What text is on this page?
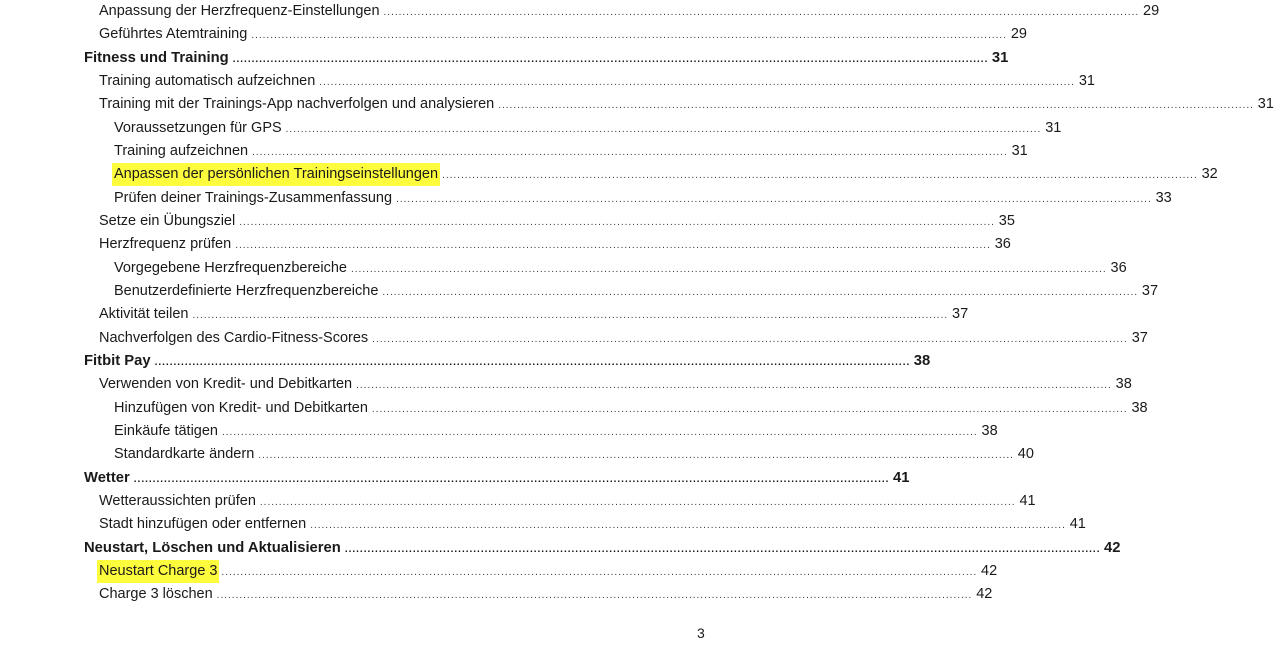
Anpassung der Herzfrequenz-Einstellungen ........................................................................................................................................................................................................ 29
Geführtes Atemtraining ........................................................................................................................................................................................................ 29
Fitness und Training ........................................................................................................................................................................................................ 31
Training automatisch aufzeichnen ........................................................................................................................................................................................................ 31
Training mit der Trainings-App nachverfolgen und analysieren ........................................................................................................................................................................................................ 31
Voraussetzungen für GPS ........................................................................................................................................................................................................ 31
Training aufzeichnen ........................................................................................................................................................................................................ 31
Anpassen der persönlichen Trainingseinstellungen ........................................................................................................................................................................................................ 32
Prüfen deiner Trainings-Zusammenfassung ........................................................................................................................................................................................................ 33
Setze ein Übungsziel ........................................................................................................................................................................................................ 35
Herzfrequenz prüfen ........................................................................................................................................................................................................ 36
Vorgegebene Herzfrequenzbereiche ........................................................................................................................................................................................................ 36
Benutzerdefinierte Herzfrequenzbereiche ........................................................................................................................................................................................................ 37
Aktivität teilen ........................................................................................................................................................................................................ 37
Nachverfolgen des Cardio-Fitness-Scores ........................................................................................................................................................................................................ 37
Fitbit Pay ........................................................................................................................................................................................................ 38
Verwenden von Kredit- und Debitkarten ........................................................................................................................................................................................................ 38
Hinzufügen von Kredit- und Debitkarten ........................................................................................................................................................................................................ 38
Einkäufe tätigen ........................................................................................................................................................................................................ 38
Standardkarte ändern ........................................................................................................................................................................................................ 40
Wetter ........................................................................................................................................................................................................ 41
Wetteraussichten prüfen ........................................................................................................................................................................................................ 41
Stadt hinzufügen oder entfernen ........................................................................................................................................................................................................ 41
Neustart, Löschen und Aktualisieren ........................................................................................................................................................................................................ 42
Neustart Charge 3 ........................................................................................................................................................................................................ 42
Charge 3 löschen ........................................................................................................................................................................................................ 42
3
